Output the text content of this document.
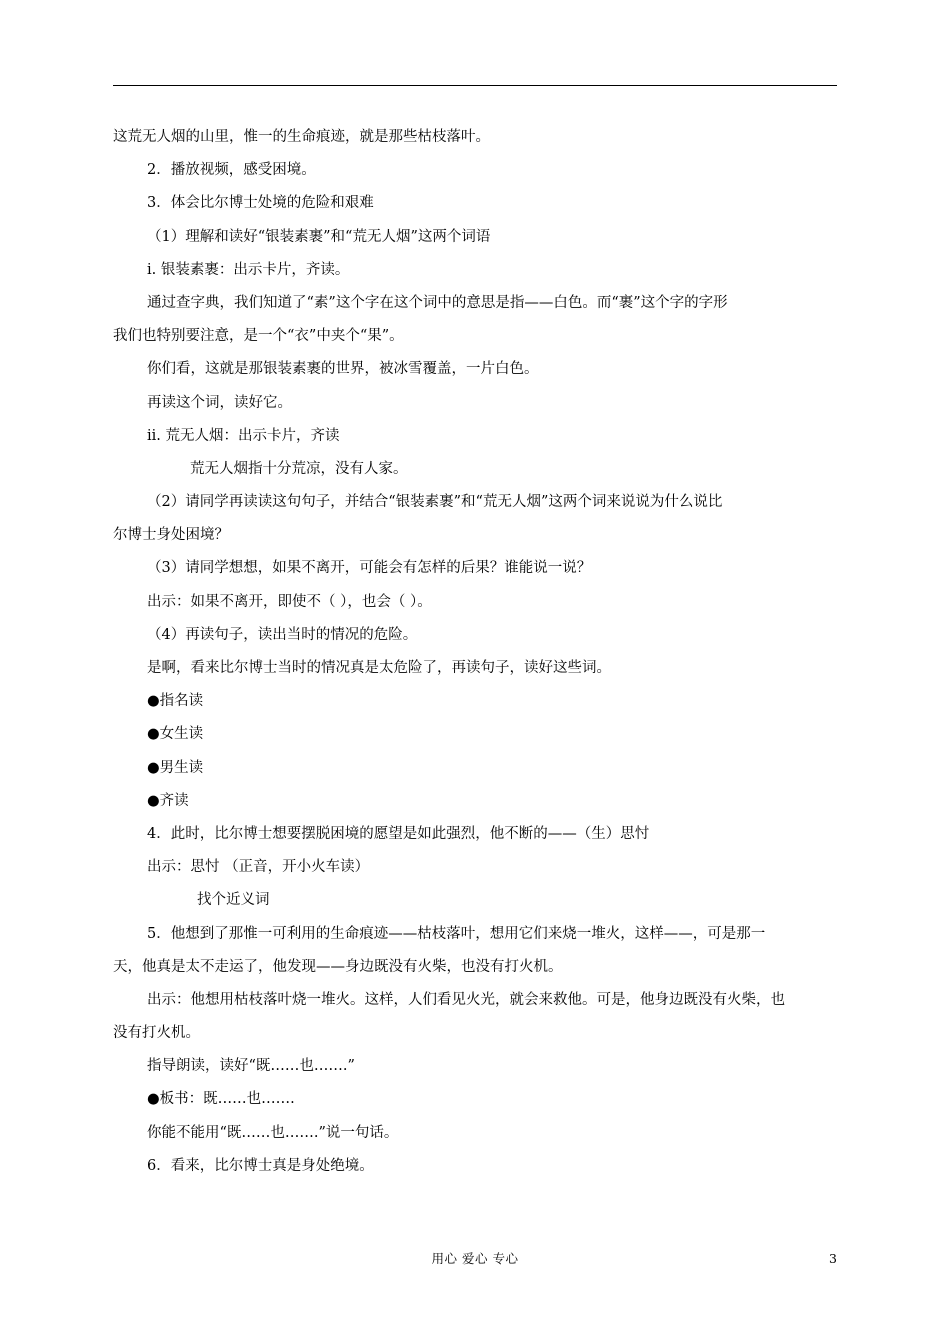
这荒无人烟的山里，惟一的生命痕迹，就是那些枯枝落叶。
2．播放视频，感受困境。
3．体会比尔博士处境的危险和艰难
（1）理解和读好“银装素裹”和“荒无人烟”这两个词语
i. 银装素裹：出示卡片，齐读。
通过查字典，我们知道了“素”这个字在这个词中的意思是指——白色。而“裹”这个字的字形
我们也特别要注意，是一个“衣”中夹个“果”。
你们看，这就是那银装素裹的世界，被冰雪覆盖，一片白色。
再读这个词，读好它。
ii. 荒无人烟：出示卡片，齐读
荒无人烟指十分荒凉，没有人家。
（2）请同学再读读这句句子，并结合“银装素裹”和“荒无人烟”这两个词来说说为什么说比
尔博士身处困境？
（3）请同学想想，如果不离开，可能会有怎样的后果？谁能说一说？
出示：如果不离开，即使不（ ），也会（ ）。
（4）再读句子，读出当时的情况的危险。
是啊，看来比尔博士当时的情况真是太危险了，再读句子，读好这些词。
●指名读
●女生读
●男生读
●齐读
4．此时，比尔博士想要摆脱困境的愿望是如此强烈，他不断的——（生）思忖
出示：思忖 （正音，开小火车读）
找个近义词
5．他想到了那惟一可利用的生命痕迹——枯枝落叶，想用它们来烧一堆火，这样——，可是那一
天，他真是太不走运了，他发现——身边既没有火柴，也没有打火机。
出示：他想用枯枝落叶烧一堆火。这样，人们看见火光，就会来救他。可是，他身边既没有火柴，也
没有打火机。
指导朗读，读好“既……也…….”
●板书：既……也…….
你能不能用“既……也…….”说一句话。
6．看来，比尔博士真是身处绝境。
用心 爱心 专心	3
